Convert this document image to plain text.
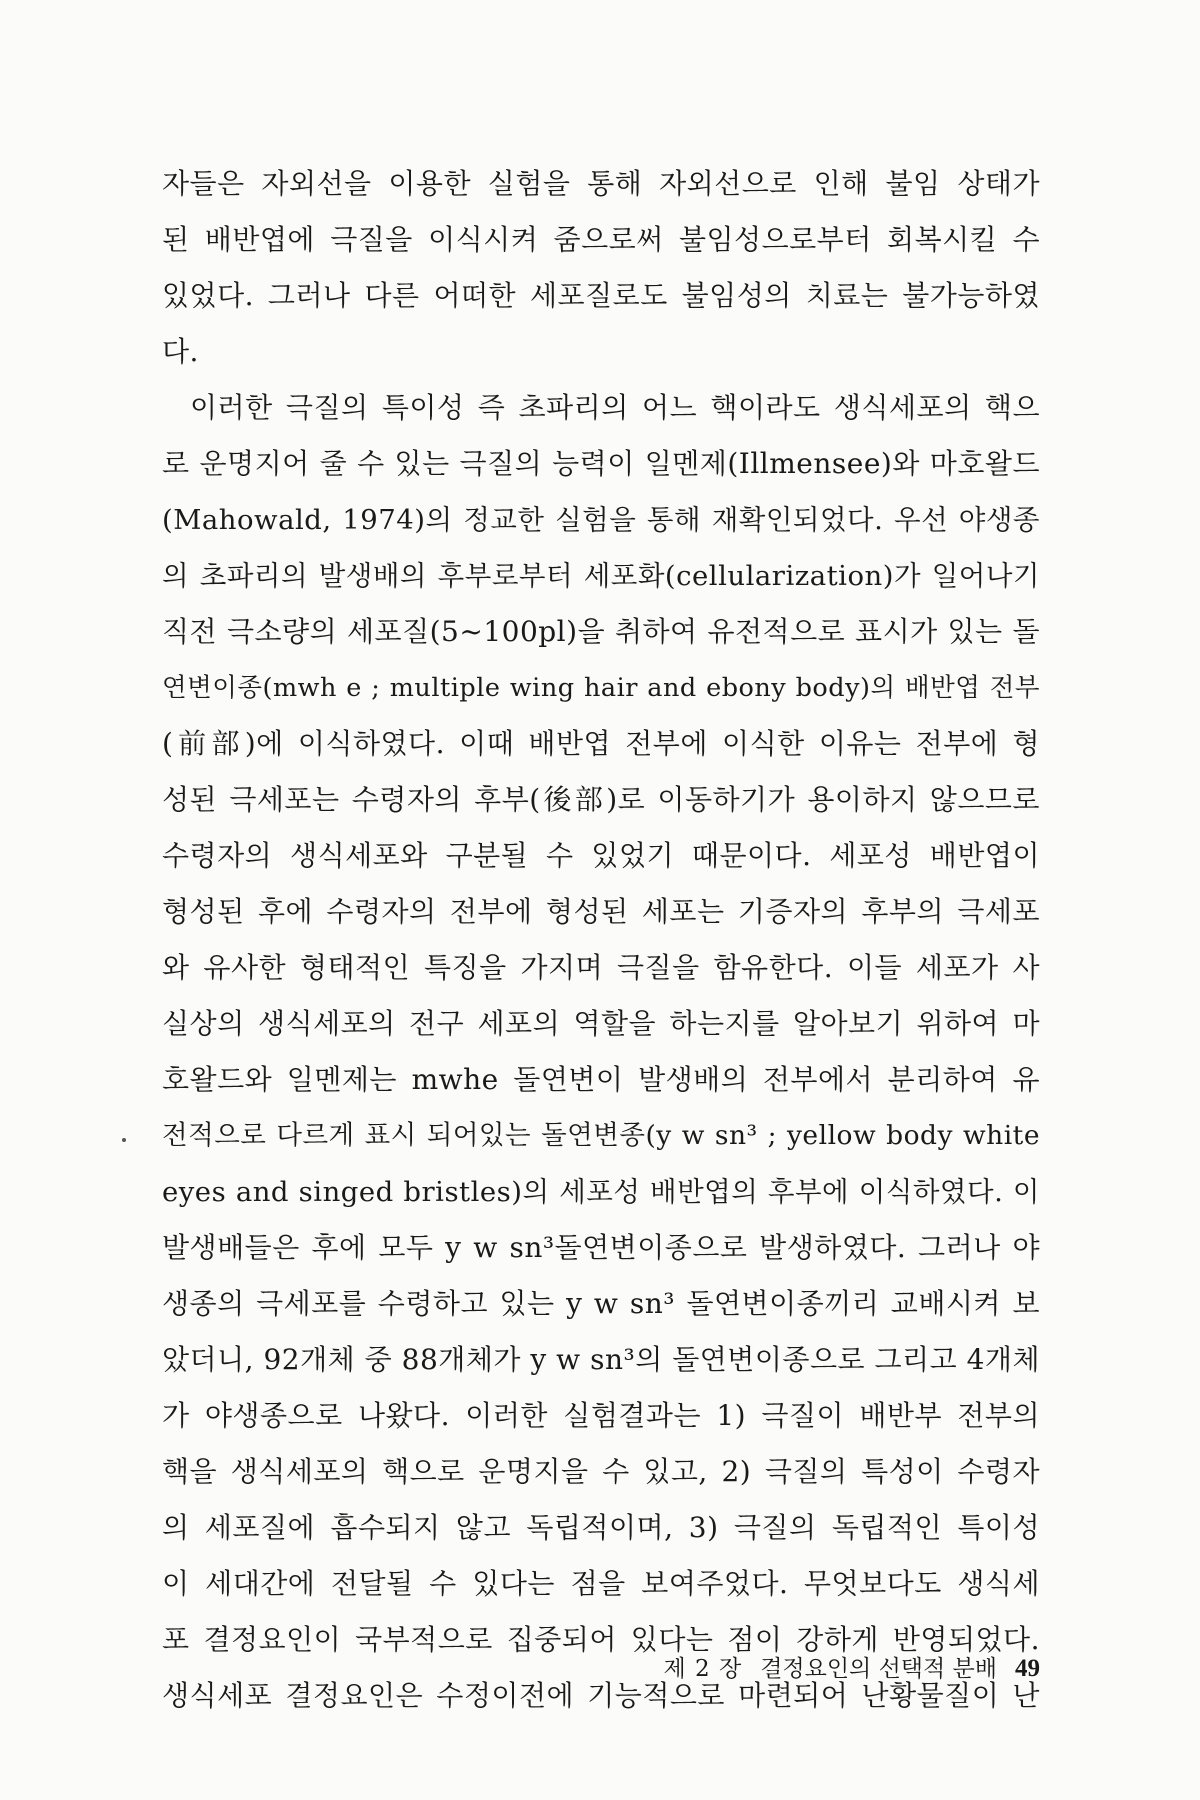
자들은 자외선을 이용한 실험을 통해 자외선으로 인해 불임 상태가
된 배반엽에 극질을 이식시켜 줌으로써 불임성으로부터 회복시킬 수
있었다. 그러나 다른 어떠한 세포질로도 불임성의 치료는 불가능하였
다.
이러한 극질의 특이성 즉 초파리의 어느 핵이라도 생식세포의 핵으
로 운명지어 줄 수 있는 극질의 능력이 일멘제(Illmensee)와 마호왈드
(Mahowald, 1974)의 정교한 실험을 통해 재확인되었다. 우선 야생종
의 초파리의 발생배의 후부로부터 세포화(cellularization)가 일어나기
직전 극소량의 세포질(5~100pl)을 취하여 유전적으로 표시가 있는 돌
연변이종(mwh e ; multiple wing hair and ebony body)의 배반엽 전부
(前部)에 이식하였다. 이때 배반엽 전부에 이식한 이유는 전부에 형
성된 극세포는 수령자의 후부(後部)로 이동하기가 용이하지 않으므로
수령자의 생식세포와 구분될 수 있었기 때문이다. 세포성 배반엽이
형성된 후에 수령자의 전부에 형성된 세포는 기증자의 후부의 극세포
와 유사한 형태적인 특징을 가지며 극질을 함유한다. 이들 세포가 사
실상의 생식세포의 전구 세포의 역할을 하는지를 알아보기 위하여 마
호왈드와 일멘제는 mwhe 돌연변이 발생배의 전부에서 분리하여 유
전적으로 다르게 표시 되어있는 돌연변종(y w sn³ ; yellow body white
eyes and singed bristles)의 세포성 배반엽의 후부에 이식하였다. 이
발생배들은 후에 모두 y w sn³돌연변이종으로 발생하였다. 그러나 야
생종의 극세포를 수령하고 있는 y w sn³ 돌연변이종끼리 교배시켜 보
았더니, 92개체 중 88개체가 y w sn³의 돌연변이종으로 그리고 4개체
가 야생종으로 나왔다. 이러한 실험결과는 1) 극질이 배반부 전부의
핵을 생식세포의 핵으로 운명지을 수 있고, 2) 극질의 특성이 수령자
의 세포질에 흡수되지 않고 독립적이며, 3) 극질의 독립적인 특이성
이 세대간에 전달될 수 있다는 점을 보여주었다. 무엇보다도 생식세
포 결정요인이 국부적으로 집중되어 있다는 점이 강하게 반영되었다.
생식세포 결정요인은 수정이전에 기능적으로 마련되어 난황물질이 난
제 2 장 결정요인의 선택적 분배 49
